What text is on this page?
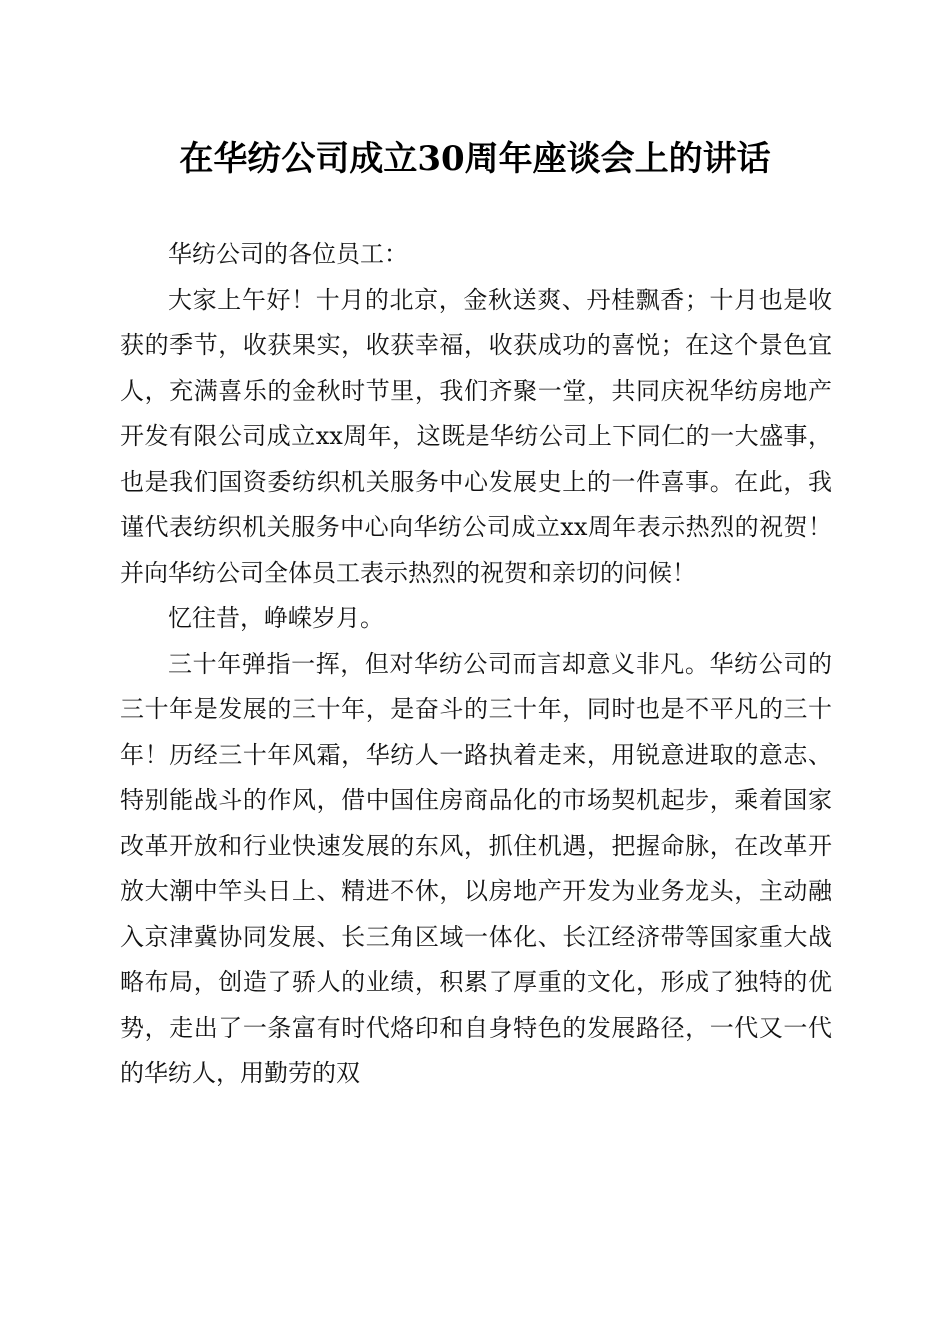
在华纺公司成立30周年座谈会上的讲话

华纺公司的各位员工：

大家上午好！十月的北京，金秋送爽、丹桂飘香；十月也是收获的季节，收获果实，收获幸福，收获成功的喜悦；在这个景色宜人，充满喜乐的金秋时节里，我们齐聚一堂，共同庆祝华纺房地产开发有限公司成立xx周年，这既是华纺公司上下同仁的一大盛事，也是我们国资委纺织机关服务中心发展史上的一件喜事。在此，我谨代表纺织机关服务中心向华纺公司成立xx周年表示热烈的祝贺！并向华纺公司全体员工表示热烈的祝贺和亲切的问候！

忆往昔，峥嵘岁月。

三十年弹指一挥，但对华纺公司而言却意义非凡。华纺公司的三十年是发展的三十年，是奋斗的三十年，同时也是不平凡的三十年！历经三十年风霜，华纺人一路执着走来，用锐意进取的意志、特别能战斗的作风，借中国住房商品化的市场契机起步，乘着国家改革开放和行业快速发展的东风，抓住机遇，把握命脉，在改革开放大潮中竿头日上、精进不休，以房地产开发为业务龙头，主动融入京津冀协同发展、长三角区域一体化、长江经济带等国家重大战略布局，创造了骄人的业绩，积累了厚重的文化，形成了独特的优势，走出了一条富有时代烙印和自身特色的发展路径，一代又一代的华纺人，用勤劳的双
